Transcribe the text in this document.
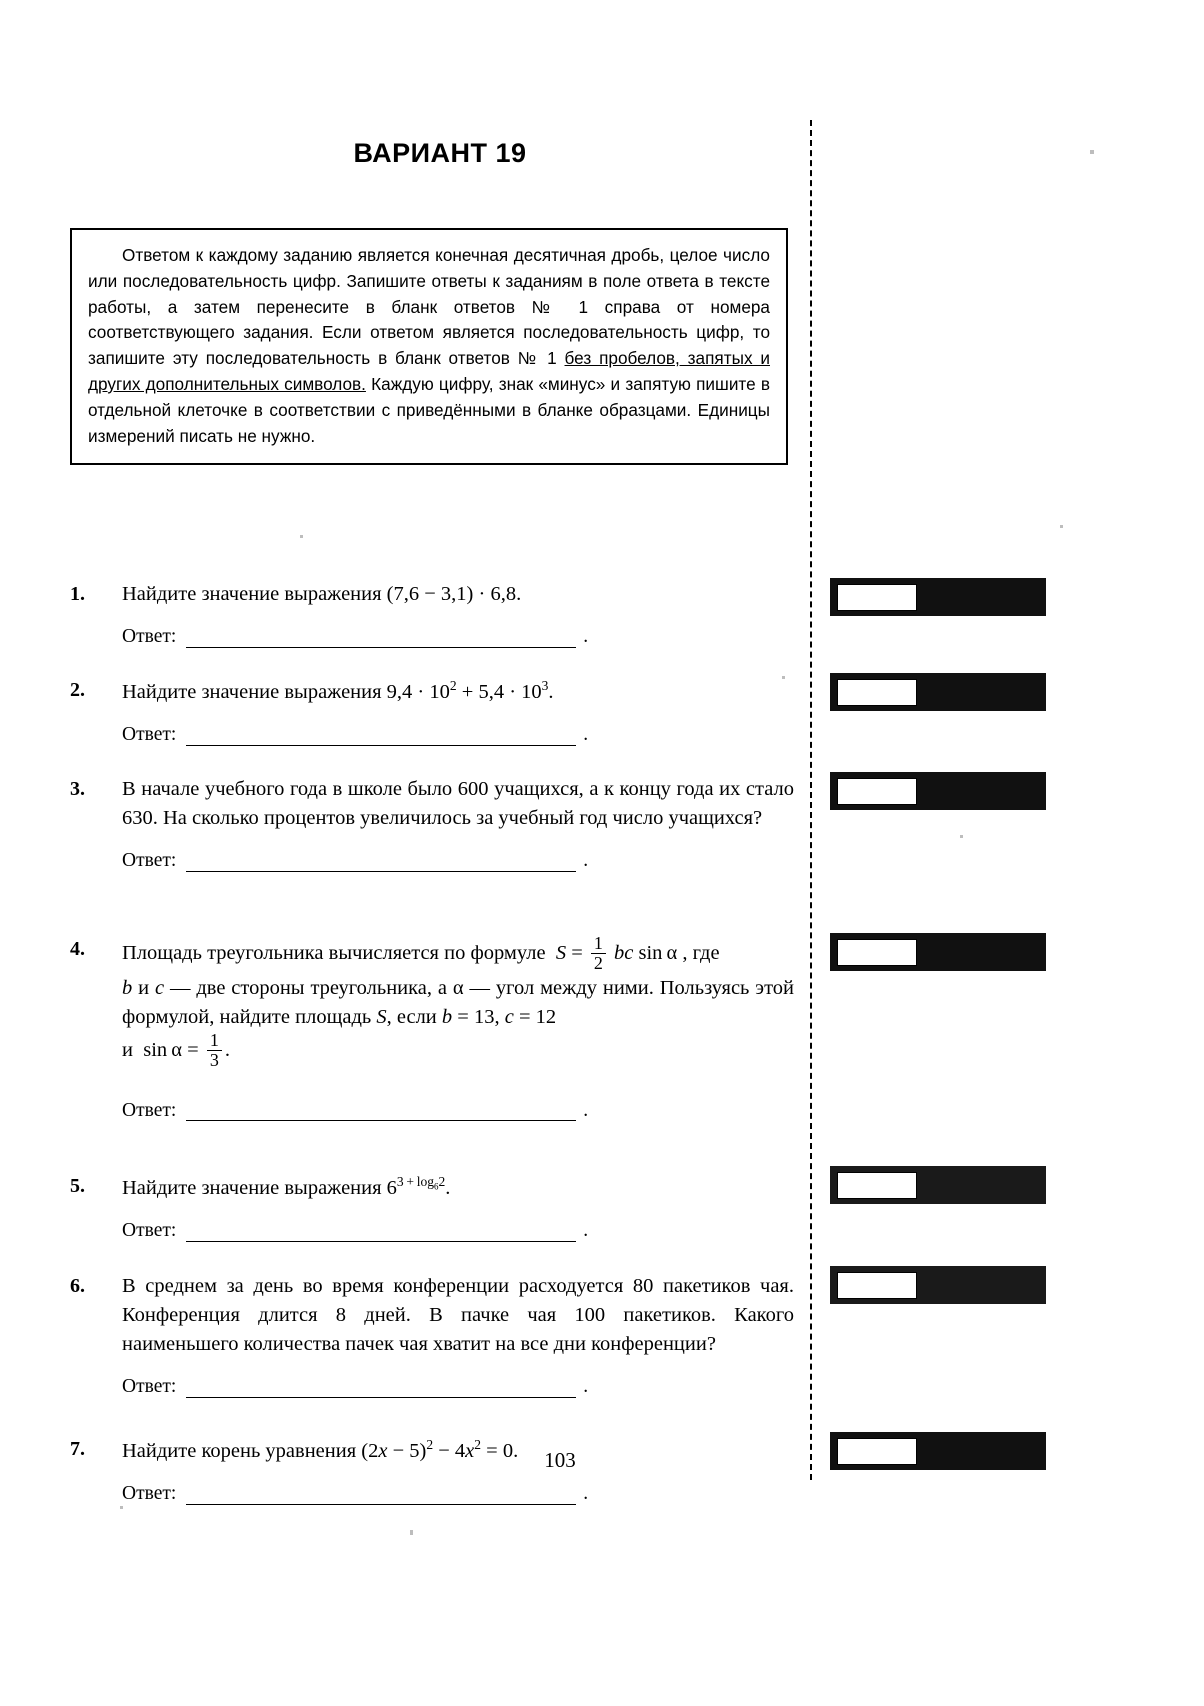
ВАРИАНТ 19

Ответом к каждому заданию является конечная десятичная дробь, целое число или последовательность цифр. Запишите ответы к заданиям в поле ответа в тексте работы, а затем перенесите в бланк ответов № 1 справа от номера соответствующего задания. Если ответом является последовательность цифр, то запишите эту последовательность в бланк ответов № 1 без пробелов, запятых и других дополнительных символов. Каждую цифру, знак «минус» и запятую пишите в отдельной клеточке в соответствии с приведёнными в бланке образцами. Единицы измерений писать не нужно.

1.	Найдите значение выражения (7,6 − 3,1) · 6,8.
Ответ:	.
2.	Найдите значение выражения $9,4 \cdot 10^2 + 5,4 \cdot 10^3$.
Ответ:	.
3.	В начале учебного года в школе было 600 учащихся, а к концу года их стало 630. На сколько процентов увеличилось за учебный год число учащихся?
Ответ:	.
4.	Площадь треугольника вычисляется по формуле  $S = \frac{1}{2}$ bc sin α , где
b и c — две стороны треугольника, а α — угол между ними. Пользуясь этой формулой, найдите площадь S, если b = 13, c = 12
и  $\sin \alpha = \frac{1}{3}$ .
Ответ:	.
5.	Найдите значение выражения $6^{3 + log_62}$.
Ответ:	.
6.	В среднем за день во время конференции расходуется 80 пакетиков чая. Конференция длится 8 дней. В пачке чая 100 пакетиков. Какого наименьшего количества пачек чая хватит на все дни конференции?
Ответ:	.
7.	Найдите корень уравнения $(2x - 5)^2 - 4x^2 = 0$.
Ответ:	.
103
